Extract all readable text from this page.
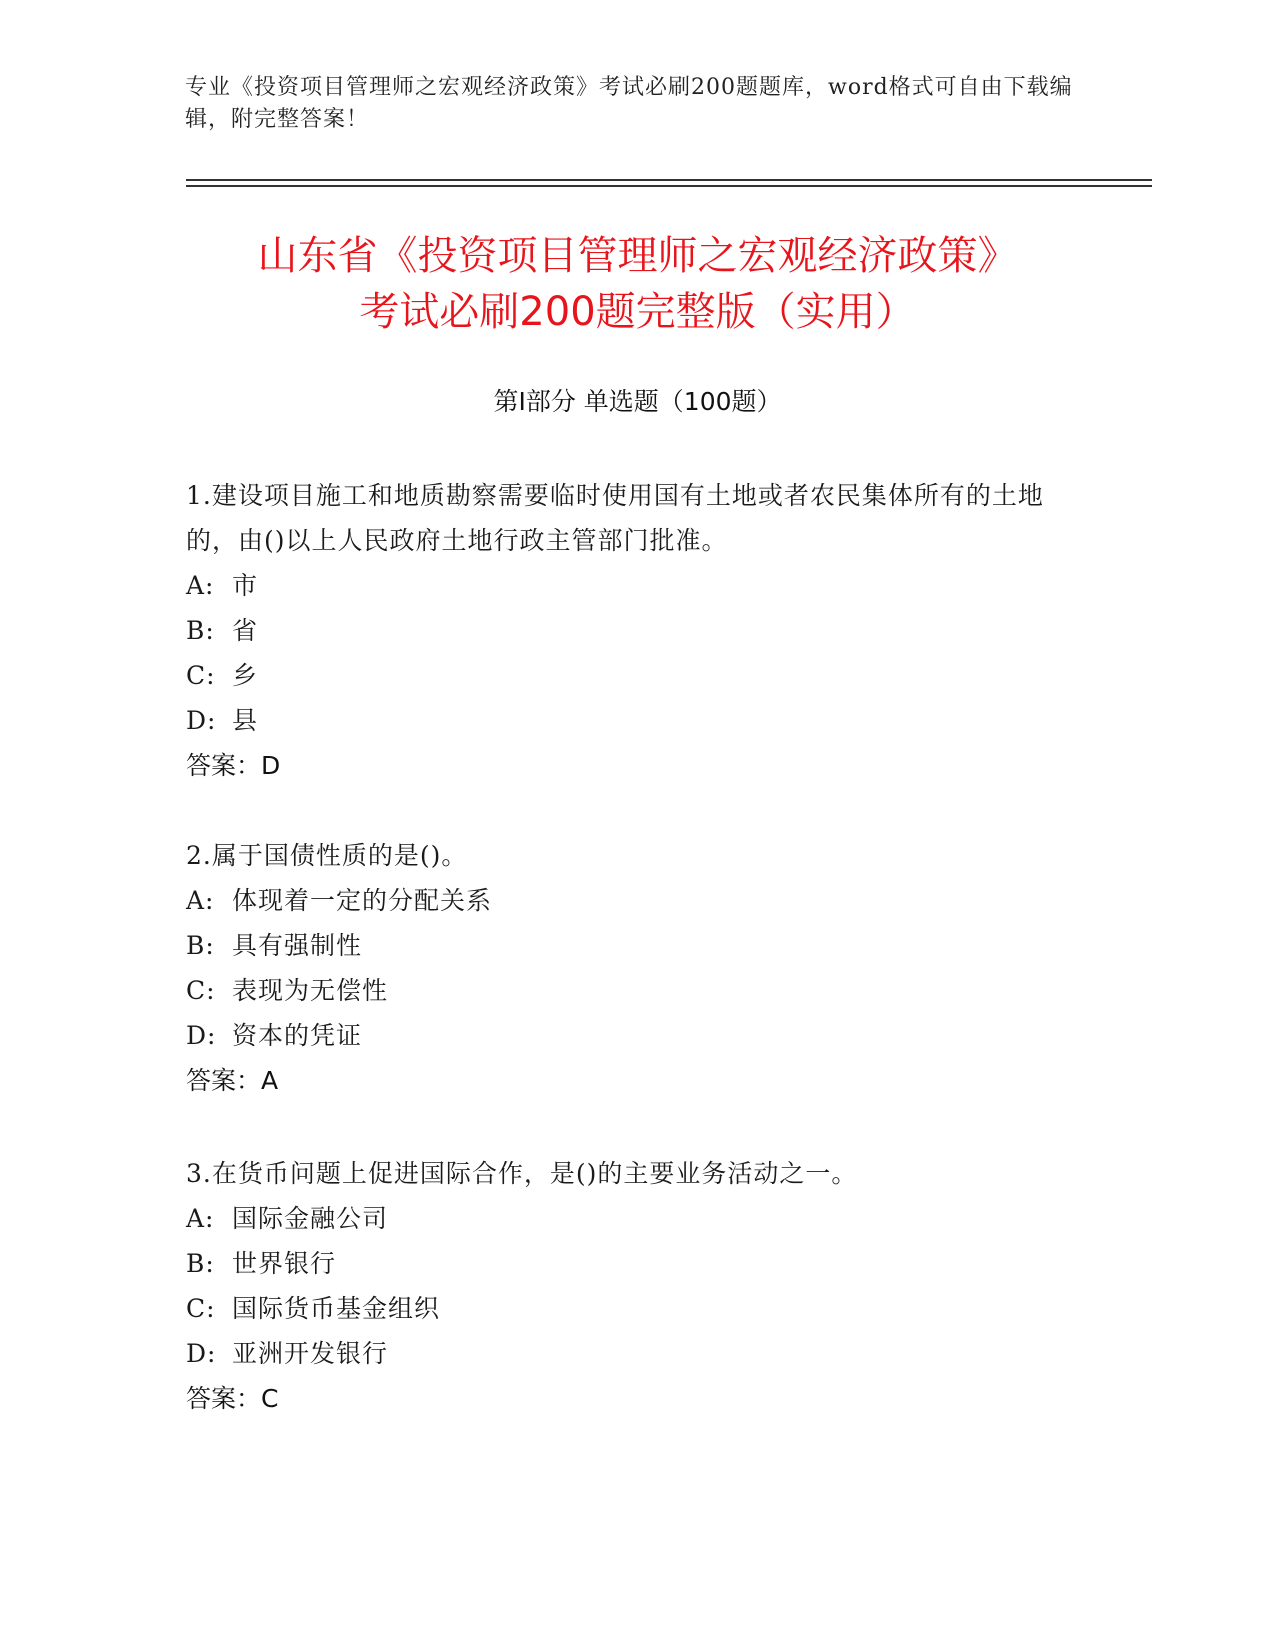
专业《投资项目管理师之宏观经济政策》考试必刷200题题库，word格式可自由下载编辑，附完整答案！
山东省《投资项目管理师之宏观经济政策》
考试必刷200题完整版（实用）
第I部分 单选题（100题）
1.建设项目施工和地质勘察需要临时使用国有土地或者农民集体所有的土地的，由()以上人民政府土地行政主管部门批准。
A: 市
B: 省
C: 乡
D: 县
答案：D
2.属于国债性质的是()。
A: 体现着一定的分配关系
B: 具有强制性
C: 表现为无偿性
D: 资本的凭证
答案：A
3.在货币问题上促进国际合作，是()的主要业务活动之一。
A: 国际金融公司
B: 世界银行
C: 国际货币基金组织
D: 亚洲开发银行
答案：C
